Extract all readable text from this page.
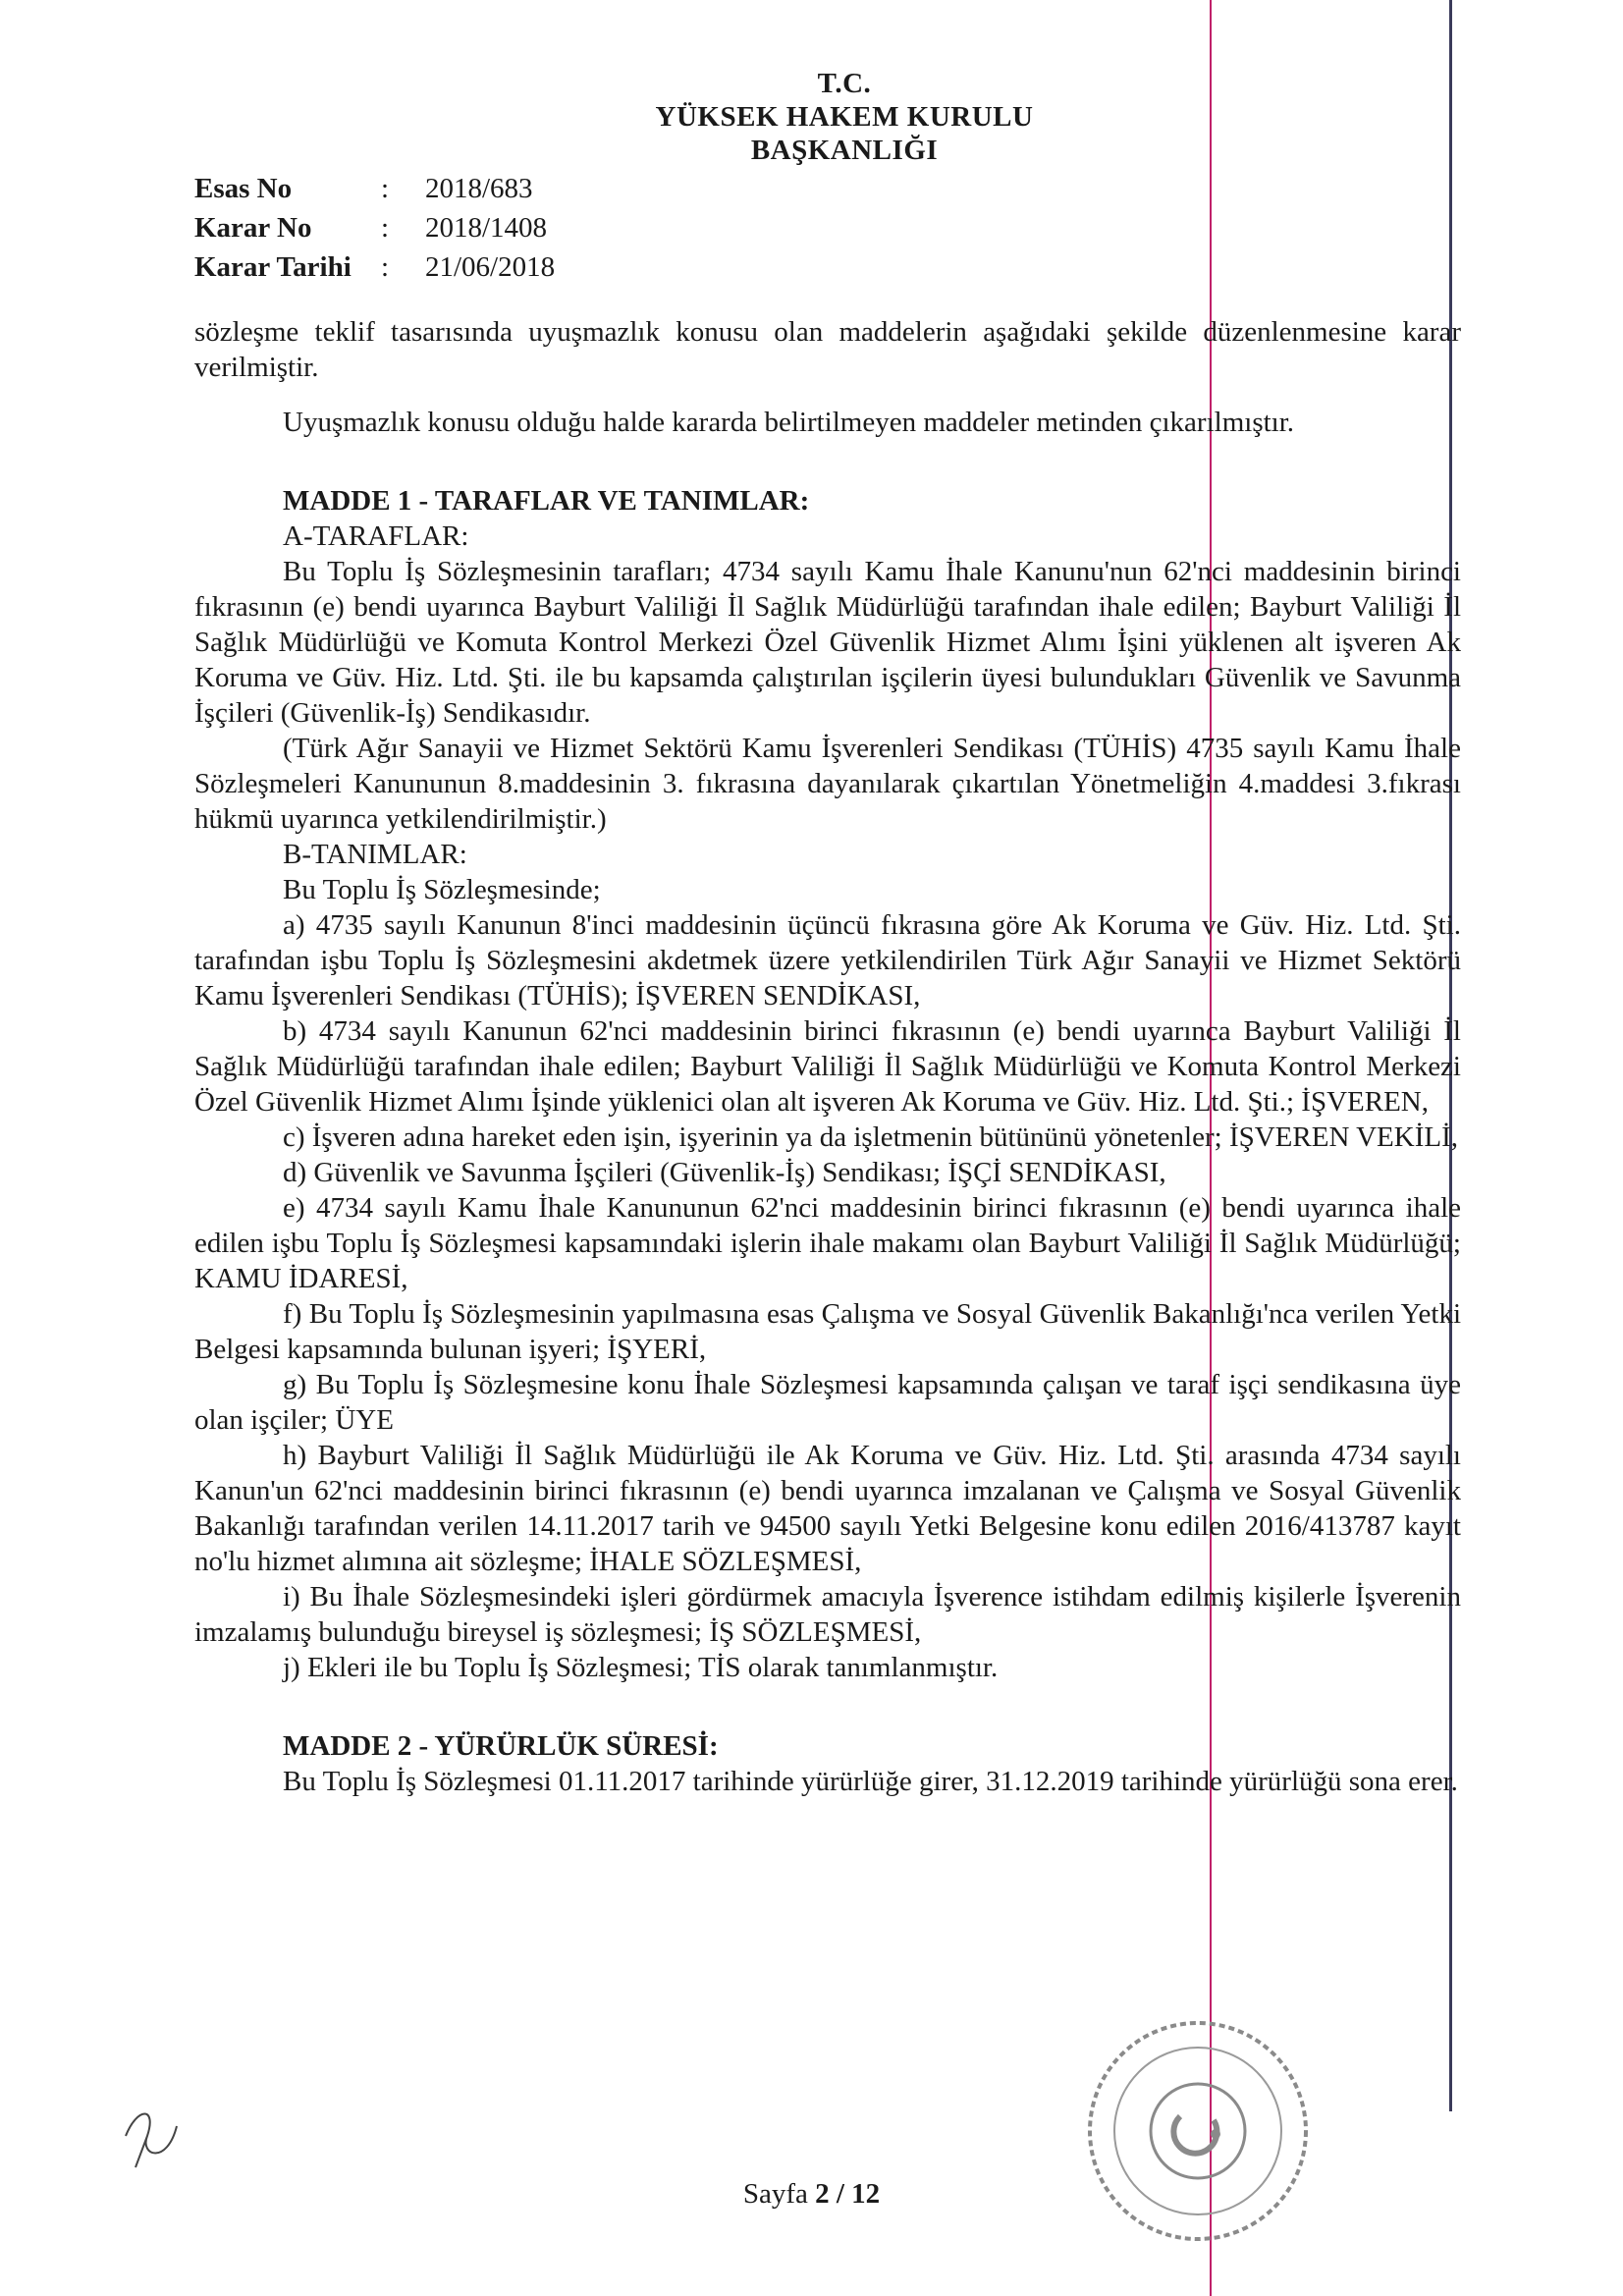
T.C.
YÜKSEK HAKEM KURULU
BAŞKANLIĞI
Esas No	:	2018/683
Karar No	:	2018/1408
Karar Tarihi	:	21/06/2018

sözleşme teklif tasarısında uyuşmazlık konusu olan maddelerin aşağıdaki şekilde düzenlenmesine karar verilmiştir.

Uyuşmazlık konusu olduğu halde kararda belirtilmeyen maddeler metinden çıkarılmıştır.

MADDE 1 - TARAFLAR VE TANIMLAR:

A-TARAFLAR:

Bu Toplu İş Sözleşmesinin tarafları; 4734 sayılı Kamu İhale Kanunu'nun 62'nci maddesinin birinci fıkrasının (e) bendi uyarınca Bayburt Valiliği İl Sağlık Müdürlüğü tarafından ihale edilen; Bayburt Valiliği İl Sağlık Müdürlüğü ve Komuta Kontrol Merkezi Özel Güvenlik Hizmet Alımı İşini yüklenen alt işveren Ak Koruma ve Güv. Hiz. Ltd. Şti. ile bu kapsamda çalıştırılan işçilerin üyesi bulundukları Güvenlik ve Savunma İşçileri (Güvenlik-İş) Sendikasıdır.

(Türk Ağır Sanayii ve Hizmet Sektörü Kamu İşverenleri Sendikası (TÜHİS) 4735 sayılı Kamu İhale Sözleşmeleri Kanununun 8.maddesinin 3. fıkrasına dayanılarak çıkartılan Yönetmeliğin 4.maddesi 3.fıkrası hükmü uyarınca yetkilendirilmiştir.)

B-TANIMLAR:

Bu Toplu İş Sözleşmesinde;

a) 4735 sayılı Kanunun 8'inci maddesinin üçüncü fıkrasına göre Ak Koruma ve Güv. Hiz. Ltd. Şti. tarafından işbu Toplu İş Sözleşmesini akdetmek üzere yetkilendirilen Türk Ağır Sanayii ve Hizmet Sektörü Kamu İşverenleri Sendikası (TÜHİS); İŞVEREN SENDİKASI,

b) 4734 sayılı Kanunun 62'nci maddesinin birinci fıkrasının (e) bendi uyarınca Bayburt Valiliği İl Sağlık Müdürlüğü tarafından ihale edilen; Bayburt Valiliği İl Sağlık Müdürlüğü ve Komuta Kontrol Merkezi Özel Güvenlik Hizmet Alımı İşinde yüklenici olan alt işveren Ak Koruma ve Güv. Hiz. Ltd. Şti.; İŞVEREN,

c) İşveren adına hareket eden işin, işyerinin ya da işletmenin bütününü yönetenler; İŞVEREN VEKİLİ,

d) Güvenlik ve Savunma İşçileri (Güvenlik-İş) Sendikası; İŞÇİ SENDİKASI,

e) 4734 sayılı Kamu İhale Kanununun 62'nci maddesinin birinci fıkrasının (e) bendi uyarınca ihale edilen işbu Toplu İş Sözleşmesi kapsamındaki işlerin ihale makamı olan Bayburt Valiliği İl Sağlık Müdürlüğü; KAMU İDARESİ,

f) Bu Toplu İş Sözleşmesinin yapılmasına esas Çalışma ve Sosyal Güvenlik Bakanlığı'nca verilen Yetki Belgesi kapsamında bulunan işyeri; İŞYERİ,

g) Bu Toplu İş Sözleşmesine konu İhale Sözleşmesi kapsamında çalışan ve taraf işçi sendikasına üye olan işçiler; ÜYE

h) Bayburt Valiliği İl Sağlık Müdürlüğü ile Ak Koruma ve Güv. Hiz. Ltd. Şti. arasında 4734 sayılı Kanun'un 62'nci maddesinin birinci fıkrasının (e) bendi uyarınca imzalanan ve Çalışma ve Sosyal Güvenlik Bakanlığı tarafından verilen 14.11.2017 tarih ve 94500 sayılı Yetki Belgesine konu edilen 2016/413787 kayıt no'lu hizmet alımına ait sözleşme; İHALE SÖZLEŞMESİ,

i) Bu İhale Sözleşmesindeki işleri gördürmek amacıyla İşverence istihdam edilmiş kişilerle İşverenin imzalamış bulunduğu bireysel iş sözleşmesi; İŞ SÖZLEŞMESİ,

j) Ekleri ile bu Toplu İş Sözleşmesi; TİS olarak tanımlanmıştır.

MADDE 2 - YÜRÜRLÜK SÜRESİ:

Bu Toplu İş Sözleşmesi 01.11.2017 tarihinde yürürlüğe girer, 31.12.2019 tarihinde yürürlüğü sona erer.

Sayfa 2 / 12
